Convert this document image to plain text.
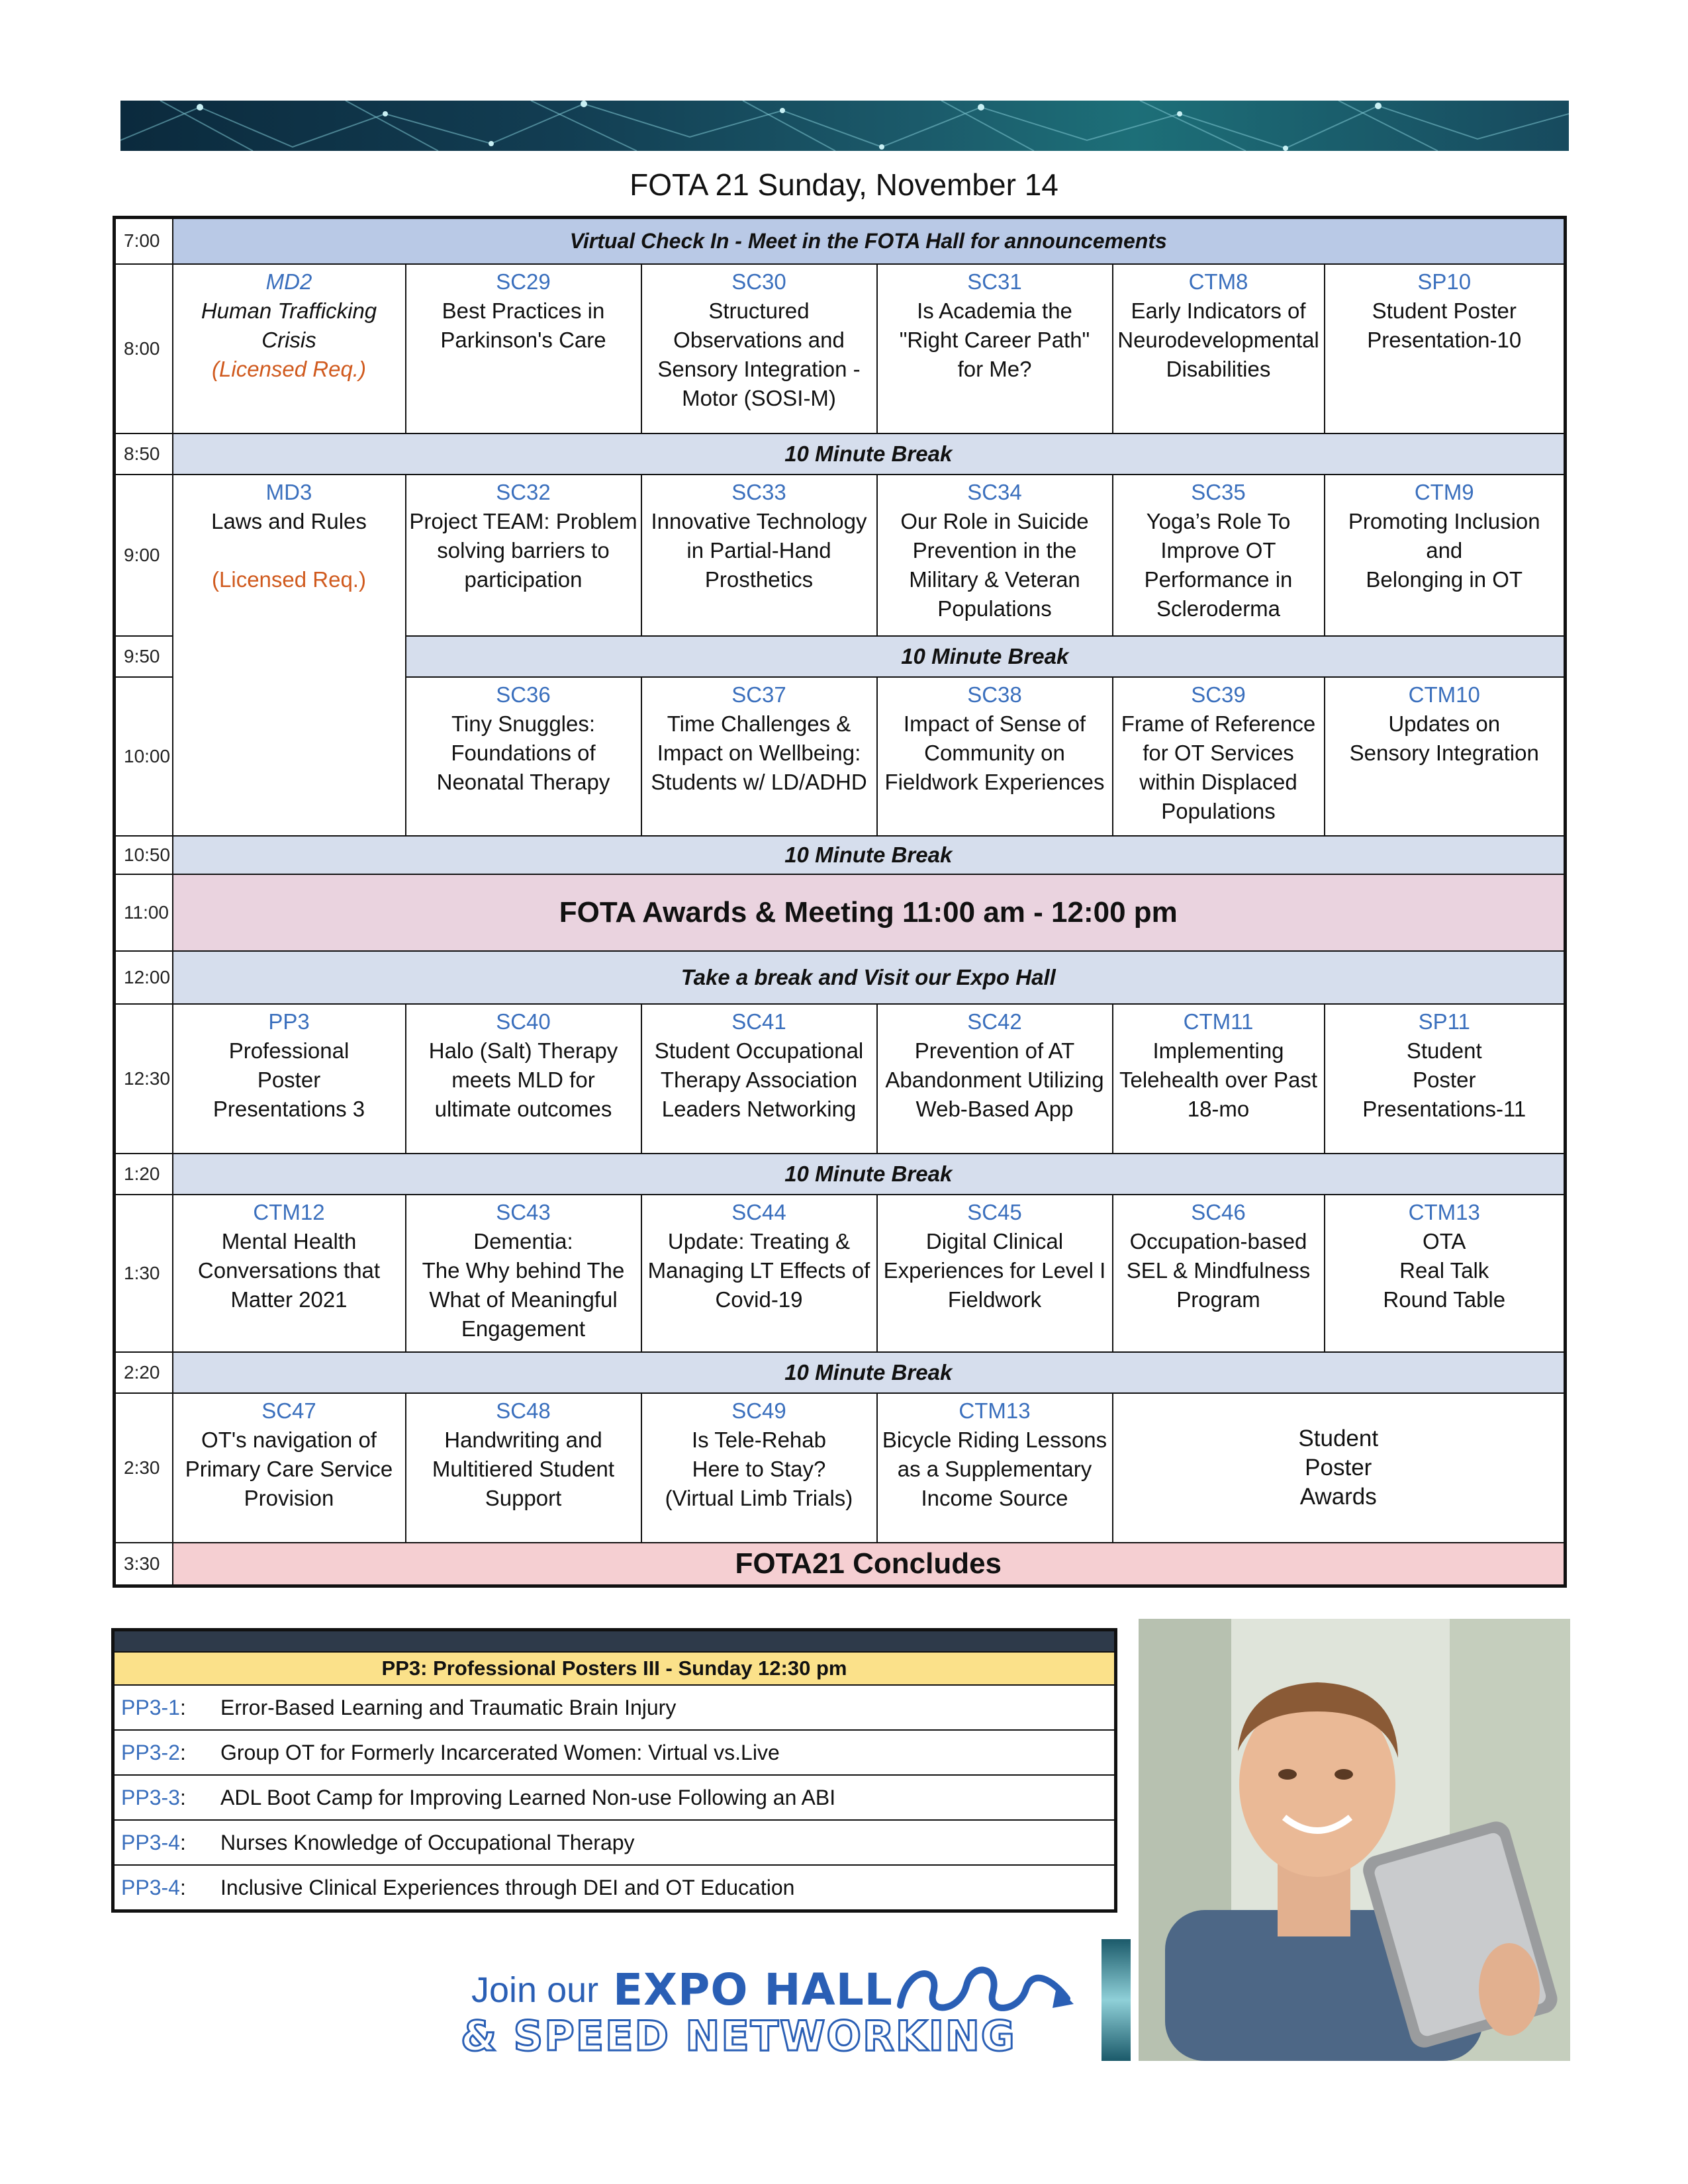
FOTA 21 Sunday, November 14
7:00	Virtual Check In - Meet in the FOTA Hall for announcements					
8:00	MD2
Human Trafficking
Crisis
(Licensed Req.)	SC29
Best Practices in
Parkinson's Care	SC30
Structured
Observations and
Sensory Integration -
Motor (SOSI-M)	SC31
Is Academia the
"Right Career Path"
for Me?	CTM8
Early Indicators of
Neurodevelopmental
Disabilities	SP10
Student Poster
Presentation-10

8:50	10 Minute Break					
9:00	MD3
Laws and Rules

(Licensed Req.)	SC32
Project TEAM: Problem
solving barriers to
participation	SC33
Innovative Technology
in Partial-Hand
Prosthetics	SC34
Our Role in Suicide
Prevention in the
Military & Veteran
Populations	SC35
Yoga’s Role To
Improve OT
Performance in
Scleroderma	CTM9
Promoting Inclusion
and
Belonging in OT

9:50		10 Minute Break				
10:00		SC36
Tiny Snuggles:
Foundations of
Neonatal Therapy	SC37
Time Challenges &
Impact on Wellbeing:
Students w/ LD/ADHD	SC38
Impact of Sense of
Community on
Fieldwork Experiences	SC39
Frame of Reference
for OT Services
within Displaced
Populations	CTM10
Updates on
Sensory Integration

10:50	10 Minute Break					
11:00	FOTA Awards & Meeting 11:00 am - 12:00 pm					
12:00	Take a break and Visit our Expo Hall					
12:30	PP3
Professional
Poster
Presentations 3	SC40
Halo (Salt) Therapy
meets MLD for
ultimate outcomes	SC41
Student Occupational
Therapy Association
Leaders Networking	SC42
Prevention of AT
Abandonment Utilizing
Web-Based App	CTM11
Implementing
Telehealth over Past
18-mo	SP11
Student
Poster
Presentations-11

1:20	10 Minute Break					
1:30	CTM12
Mental Health
Conversations that
Matter 2021	SC43
Dementia:
The Why behind The
What of Meaningful
Engagement	SC44
Update: Treating &
Managing LT Effects of
Covid-19	SC45
Digital Clinical
Experiences for Level I
Fieldwork	SC46
Occupation-based
SEL & Mindfulness
Program	CTM13
OTA
Real Talk
Round Table

2:20	10 Minute Break					
2:30	SC47
OT's navigation of
Primary Care Service
Provision	SC48
Handwriting and
Multitiered Student
Support	SC49
Is Tele-Rehab
Here to Stay?
(Virtual Limb Trials)	CTM13
Bicycle Riding Lessons
as a Supplementary
Income Source	Student
Poster
Awards	

3:30	FOTA21 Concludes					
PP3: Professional Posters III - Sunday 12:30 pm
PP3-1: Error-Based Learning and Traumatic Brain Injury
PP3-2: Group OT for Formerly Incarcerated Women: Virtual vs.Live
PP3-3: ADL Boot Camp for Improving Learned Non-use Following an ABI
PP3-4: Nurses Knowledge of Occupational Therapy
PP3-4: Inclusive Clinical Experiences through DEI and OT Education
Join our EXPO HALL
& SPEED NETWORKING
